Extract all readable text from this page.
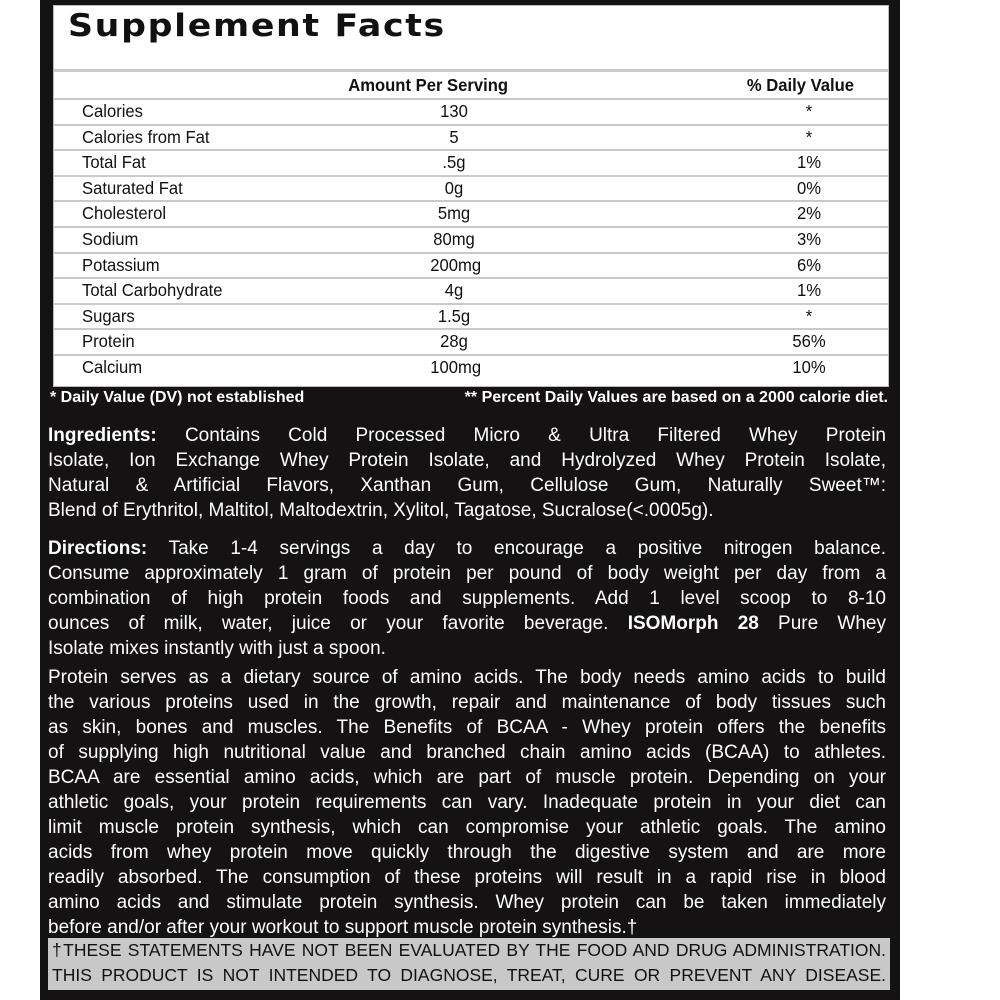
Supplement Facts
Amount Per Serving	% Daily Value
Calories	130	*
Calories from Fat	5	*
Total Fat	.5g	1%
Saturated Fat	0g	0%
Cholesterol	5mg	2%
Sodium	80mg	3%
Potassium	200mg	6%
Total Carbohydrate	4g	1%
Sugars	1.5g	*
Protein	28g	56%
Calcium	100mg	10%
* Daily Value (DV) not established	** Percent Daily Values are based on a 2000 calorie diet.
Ingredients: Contains Cold Processed Micro & Ultra Filtered Whey Protein
Isolate, Ion Exchange Whey Protein Isolate, and Hydrolyzed Whey Protein Isolate,
Natural & Artificial Flavors, Xanthan Gum, Cellulose Gum, Naturally Sweet™:
Blend of Erythritol, Maltitol, Maltodextrin, Xylitol, Tagatose, Sucralose(<.0005g).
Directions: Take 1-4 servings a day to encourage a positive nitrogen balance.
Consume approximately 1 gram of protein per pound of body weight per day from a
combination of high protein foods and supplements. Add 1 level scoop to 8-10
ounces of milk, water, juice or your favorite beverage. ISOMorph 28 Pure Whey
Isolate mixes instantly with just a spoon.
Protein serves as a dietary source of amino acids. The body needs amino acids to build
the various proteins used in the growth, repair and maintenance of body tissues such
as skin, bones and muscles. The Benefits of BCAA - Whey protein offers the benefits
of supplying high nutritional value and branched chain amino acids (BCAA) to athletes.
BCAA are essential amino acids, which are part of muscle protein. Depending on your
athletic goals, your protein requirements can vary. Inadequate protein in your diet can
limit muscle protein synthesis, which can compromise your athletic goals. The amino
acids from whey protein move quickly through the digestive system and are more
readily absorbed. The consumption of these proteins will result in a rapid rise in blood
amino acids and stimulate protein synthesis. Whey protein can be taken immediately
before and/or after your workout to support muscle protein synthesis.†
†THESE STATEMENTS HAVE NOT BEEN EVALUATED BY THE FOOD AND DRUG ADMINISTRATION.
THIS PRODUCT IS NOT INTENDED TO DIAGNOSE, TREAT, CURE OR PREVENT ANY DISEASE.
